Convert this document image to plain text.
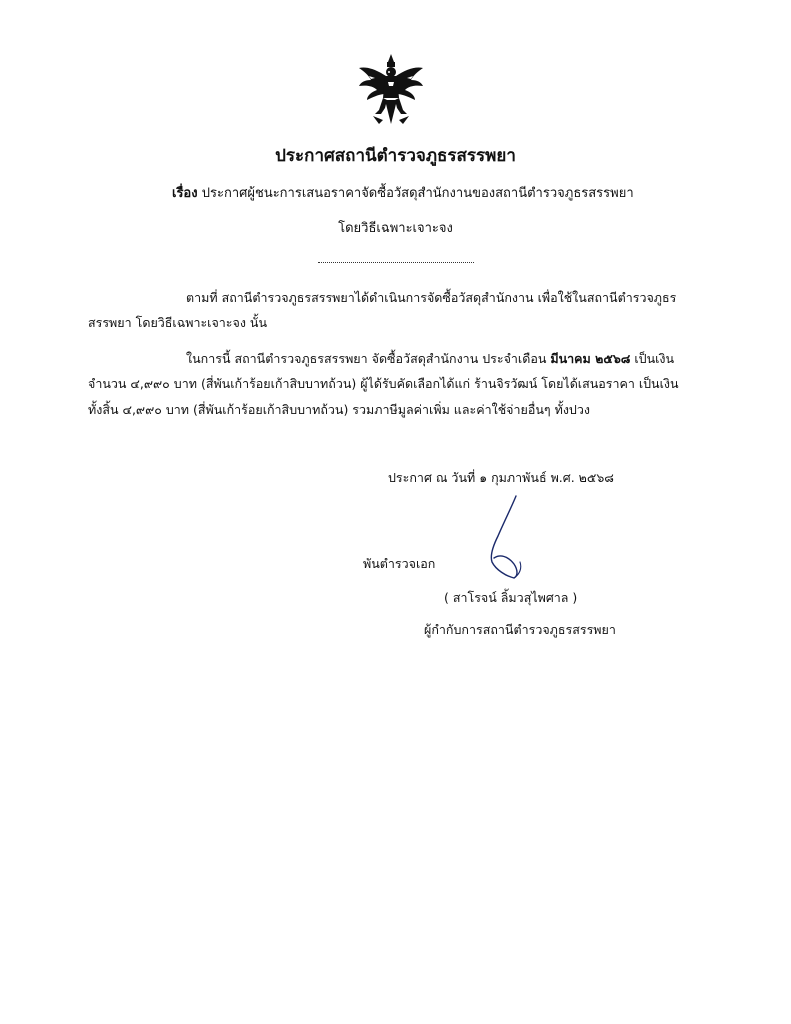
ประกาศสถานีตำรวจภูธรสรรพยา
เรื่อง ประกาศผู้ชนะการเสนอราคาจัดซื้อวัสดุสำนักงานของสถานีตำรวจภูธรสรรพยา
โดยวิธีเฉพาะเจาะจง
ตามที่ สถานีตำรวจภูธรสรรพยาได้ดำเนินการจัดซื้อวัสดุสำนักงาน เพื่อใช้ในสถานีตำรวจภูธร
สรรพยา โดยวิธีเฉพาะเจาะจง นั้น
ในการนี้ สถานีตำรวจภูธรสรรพยา จัดซื้อวัสดุสำนักงาน ประจำเดือน มีนาคม ๒๕๖๘ เป็นเงิน
จำนวน ๔,๙๙๐ บาท (สี่พันเก้าร้อยเก้าสิบบาทถ้วน) ผู้ได้รับคัดเลือกได้แก่ ร้านจิรวัฒน์ โดยได้เสนอราคา เป็นเงิน
ทั้งสิ้น ๔,๙๙๐ บาท (สี่พันเก้าร้อยเก้าสิบบาทถ้วน) รวมภาษีมูลค่าเพิ่ม และค่าใช้จ่ายอื่นๆ ทั้งปวง
ประกาศ ณ วันที่ ๑ กุมภาพันธ์ พ.ศ. ๒๕๖๘
พันตำรวจเอก
( สาโรจน์ ลิ้มวสุไพศาล )
ผู้กำกับการสถานีตำรวจภูธรสรรพยา
